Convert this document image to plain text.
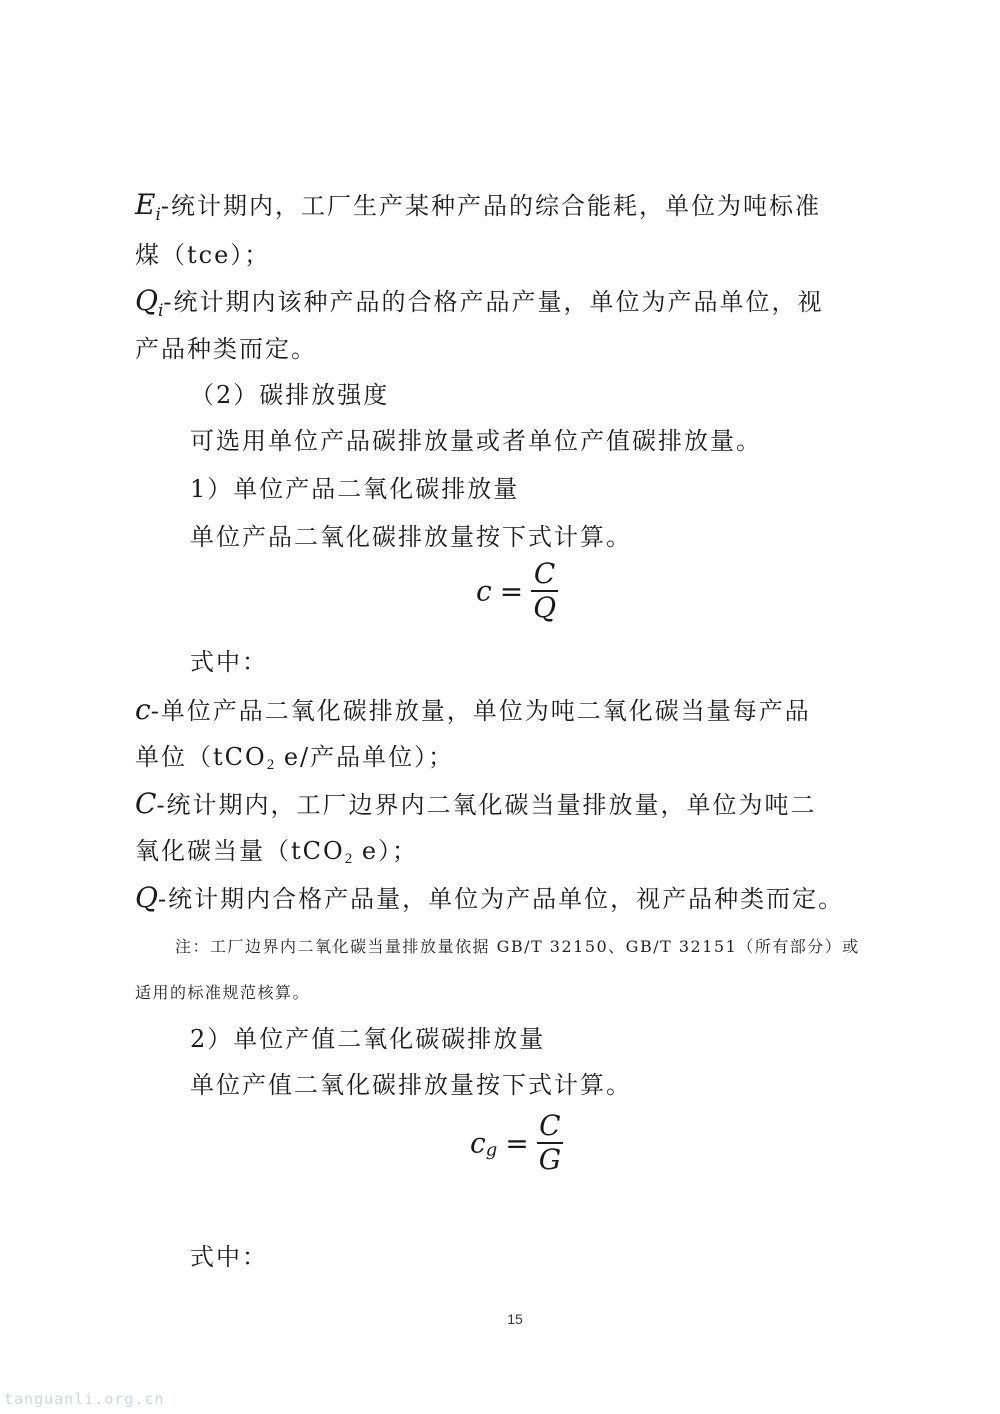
$E_i-$统计期内，工厂生产某种产品的综合能耗，单位为吨标准
煤（tce）；
$Q_i-$统计期内该种产品的合格产品产量，单位为产品单位，视
产品种类而定。
（2）碳排放强度
可选用单位产品碳排放量或者单位产值碳排放量。
1）单位产品二氧化碳排放量
单位产品二氧化碳排放量按下式计算。
$c = \frac{C}{Q}$
式中：
c-单位产品二氧化碳排放量，单位为吨二氧化碳当量每产品
单位（tCO2 e/产品单位）；
C-统计期内，工厂边界内二氧化碳当量排放量，单位为吨二
氧化碳当量（tCO2 e）；
Q-统计期内合格产品量，单位为产品单位，视产品种类而定。
注：工厂边界内二氧化碳当量排放量依据 GB/T 32150、GB/T 32151（所有部分）或
适用的标准规范核算。
2）单位产值二氧化碳碳排放量
单位产值二氧化碳排放量按下式计算。
cg = $\frac{C}{G}$
式中：
15
tanguanli.org.cn
